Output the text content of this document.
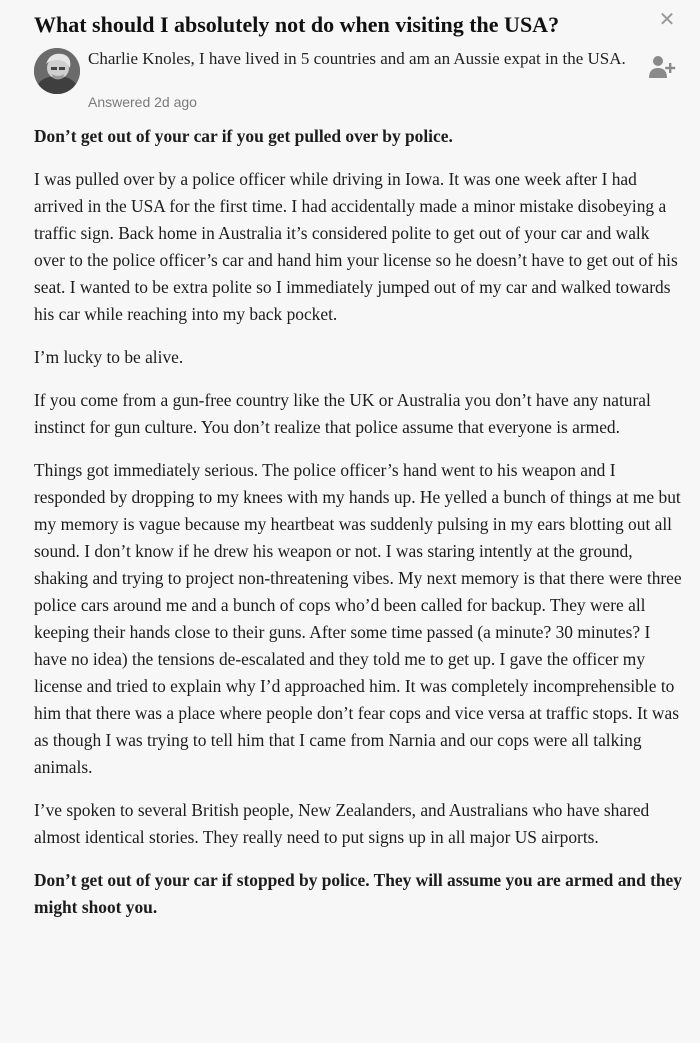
What should I absolutely not do when visiting the USA?	✕
Charlie Knoles, I have lived in 5 countries and am an Aussie expat in the USA.
Answered 2d ago

Don’t get out of your car if you get pulled over by police.

I was pulled over by a police officer while driving in Iowa. It was one week after I had arrived in the USA for the first time. I had accidentally made a minor mistake disobeying a traffic sign. Back home in Australia it’s considered polite to get out of your car and walk over to the police officer’s car and hand him your license so he doesn’t have to get out of his seat. I wanted to be extra polite so I immediately jumped out of my car and walked towards his car while reaching into my back pocket.

I’m lucky to be alive.

If you come from a gun-free country like the UK or Australia you don’t have any natural instinct for gun culture. You don’t realize that police assume that everyone is armed.

Things got immediately serious. The police officer’s hand went to his weapon and I responded by dropping to my knees with my hands up. He yelled a bunch of things at me but my memory is vague because my heartbeat was suddenly pulsing in my ears blotting out all sound. I don’t know if he drew his weapon or not. I was staring intently at the ground, shaking and trying to project non-threatening vibes. My next memory is that there were three police cars around me and a bunch of cops who’d been called for backup. They were all keeping their hands close to their guns. After some time passed (a minute? 30 minutes? I have no idea) the tensions de-escalated and they told me to get up. I gave the officer my license and tried to explain why I’d approached him. It was completely incomprehensible to him that there was a place where people don’t fear cops and vice versa at traffic stops. It was as though I was trying to tell him that I came from Narnia and our cops were all talking animals.

I’ve spoken to several British people, New Zealanders, and Australians who have shared almost identical stories. They really need to put signs up in all major US airports.

Don’t get out of your car if stopped by police. They will assume you are armed and they might shoot you.
